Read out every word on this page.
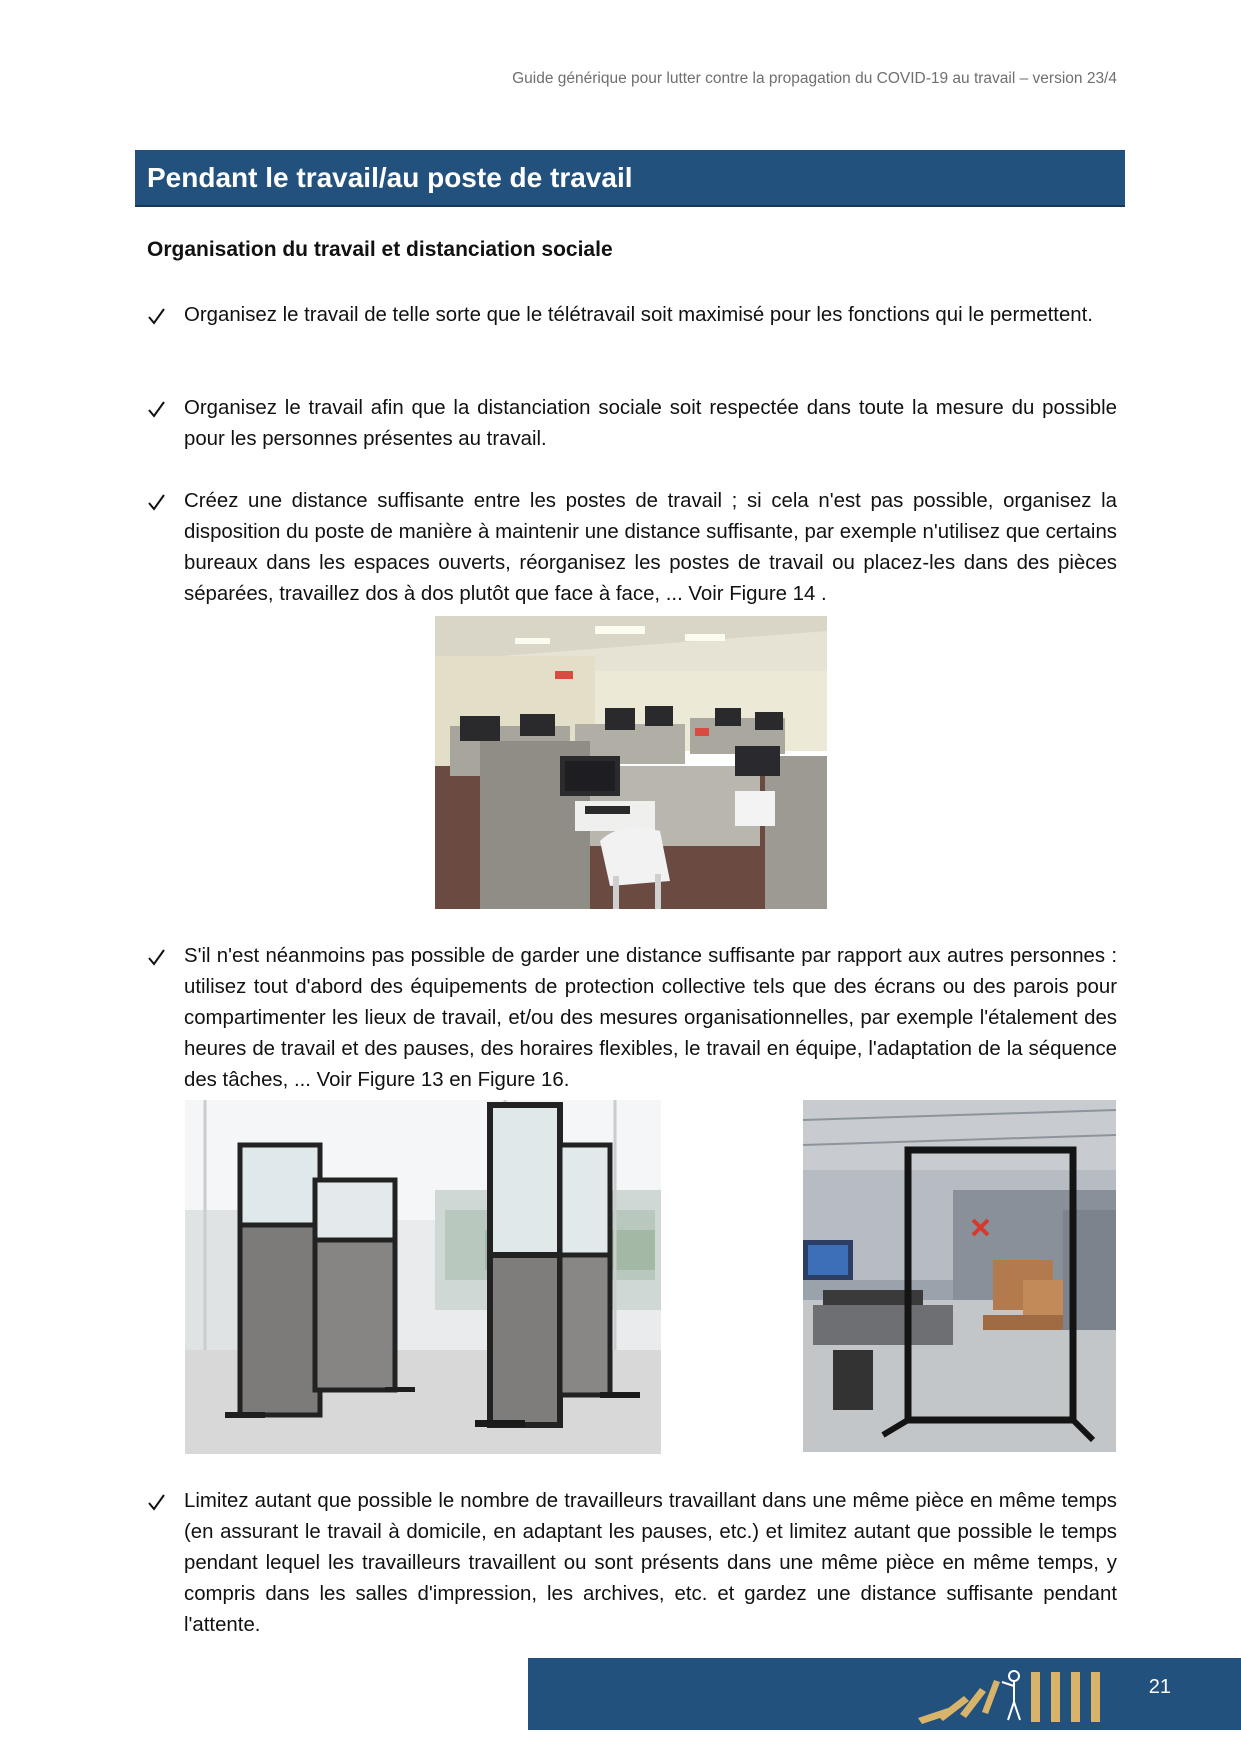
Guide générique pour lutter contre la propagation du COVID-19 au travail – version 23/4
Pendant le travail/au poste de travail
Organisation du travail et distanciation sociale

Organisez le travail de telle sorte que le télétravail soit maximisé pour les fonctions qui le permettent.

Organisez le travail afin que la distanciation sociale soit respectée dans toute la mesure du possible pour les personnes présentes au travail.

Créez une distance suffisante entre les postes de travail ; si cela n'est pas possible, organisez la disposition du poste de manière à maintenir une distance suffisante, par exemple n'utilisez que certains bureaux dans les espaces ouverts, réorganisez les postes de travail ou placez-les dans des pièces séparées, travaillez dos à dos plutôt que face à face, ... Voir Figure 14 .

S'il n'est néanmoins pas possible de garder une distance suffisante par rapport aux autres personnes : utilisez tout d'abord des équipements de protection collective tels que des écrans ou des parois pour compartimenter les lieux de travail, et/ou des mesures organisationnelles, par exemple l'étalement des heures de travail et des pauses, des horaires flexibles, le travail en équipe, l'adaptation de la séquence des tâches, ... Voir Figure 13 en Figure 16.

Limitez autant que possible le nombre de travailleurs travaillant dans une même pièce en même temps (en assurant le travail à domicile, en adaptant les pauses, etc.) et limitez autant que possible le temps pendant lequel les travailleurs travaillent ou sont présents dans une même pièce en même temps, y compris dans les salles d'impression, les archives, etc. et gardez une distance suffisante pendant l'attente.

21
